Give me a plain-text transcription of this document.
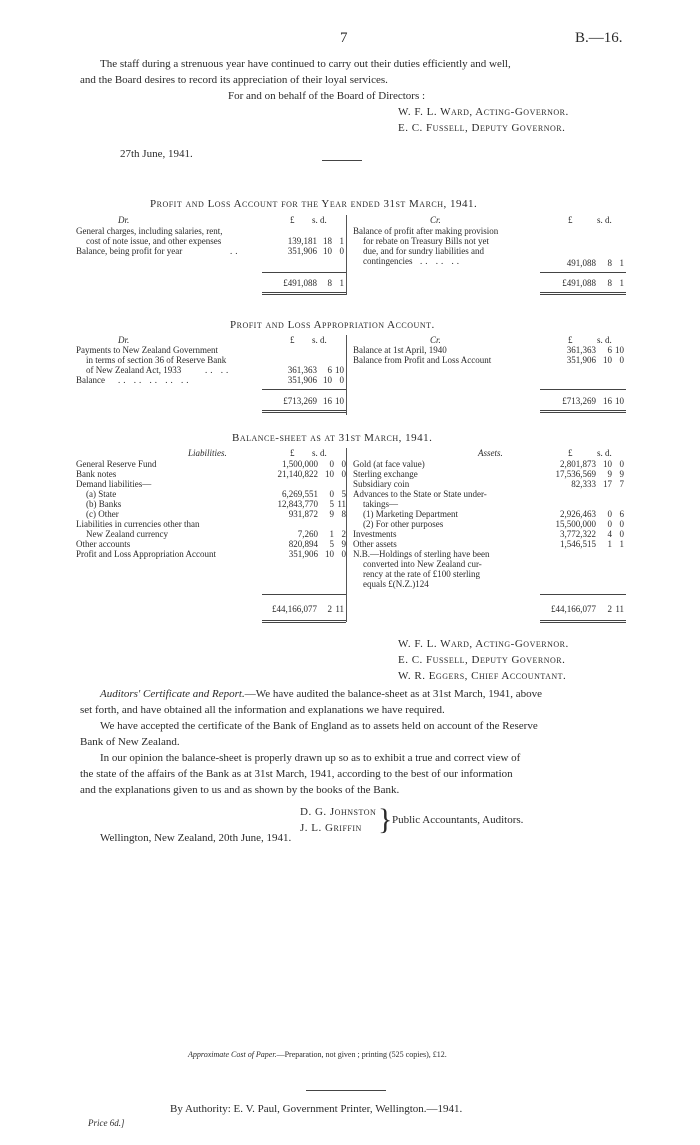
7	B.—16.
The staff during a strenuous year have continued to carry out their duties efficiently and well,
and the Board desires to record its appreciation of their loyal services.
For and on behalf of the Board of Directors :
W. F. L. Ward, Acting-Governor.
E. C. Fussell, Deputy Governor.
27th June, 1941.
Profit and Loss Account for the Year ended 31st March, 1941.
Dr.	£ s. d.	Cr.	£	s. d.
General charges, including salaries, rent,
cost of note issue, and other expenses	139,181 18 1
Balance, being profit for year	..	351,906 10 0
Balance of profit after making provision
for rebate on Treasury Bills not yet
due, and for sundry liabilities and
contingencies .. .. ..	491,088	8 1
£491,088	8 1	£491,088	8 1
Profit and Loss Appropriation Account.
Dr.	£ s. d.	Cr.	£	s. d.
Payments to New Zealand Government
in terms of section 36 of Reserve Bank
of New Zealand Act, 1933	.. ..	361,363	6 10
Balance .. .. .. .. ..	351,906 10 0
Balance at 1st April, 1940	361,363	6 10
Balance from Profit and Loss Account	351,906 10 0
£713,269 16 10	£713,269 16 10
Balance-sheet as at 31st March, 1941.
Liabilities.	£ s. d.	Assets.	£	s. d.
General Reserve Fund	1,500,000	0 0
Bank notes	21,140,822 10 0
Demand liabilities—
(a) State	6,269,551	0 5
(b) Banks	12,843,770	5 11
(c) Other	931,872	9 8
Liabilities in currencies other than
New Zealand currency	7,260	1 2
Other accounts	820,894	5 9
Profit and Loss Appropriation Account	351,906 10 0
Gold (at face value)	2,801,873 10 0
Sterling exchange	17,536,569	9 9
Subsidiary coin	82,333 17 7
Advances to the State or State under-
takings—
(1) Marketing Department	2,926,463	0 6
(2) For other purposes	15,500,000	0 0
Investments	3,772,322	4 0
Other assets	1,546,515	1 1
N.B.—Holdings of sterling have been
converted into New Zealand cur-
rency at the rate of £100 sterling
equals £(N.Z.)124
£44,166,077	2 11	£44,166,077	2 11
W. F. L. Ward, Acting-Governor.
E. C. Fussell, Deputy Governor.
W. R. Eggers, Chief Accountant.
Auditors' Certificate and Report.—We have audited the balance-sheet as at 31st March, 1941, above
set forth, and have obtained all the information and explanations we have required.
We have accepted the certificate of the Bank of England as to assets held on account of the Reserve
Bank of New Zealand.
In our opinion the balance-sheet is properly drawn up so as to exhibit a true and correct view of
the state of the affairs of the Bank as at 31st March, 1941, according to the best of our information
and the explanations given to us and as shown by the books of the Bank.
D. G. Johnston
J. L. Griffin } Public Accountants, Auditors.
Wellington, New Zealand, 20th June, 1941.
Approximate Cost of Paper.—Preparation, not given ; printing (525 copies), £12.
By Authority: E. V. Paul, Government Printer, Wellington.—1941.
Price 6d.]
